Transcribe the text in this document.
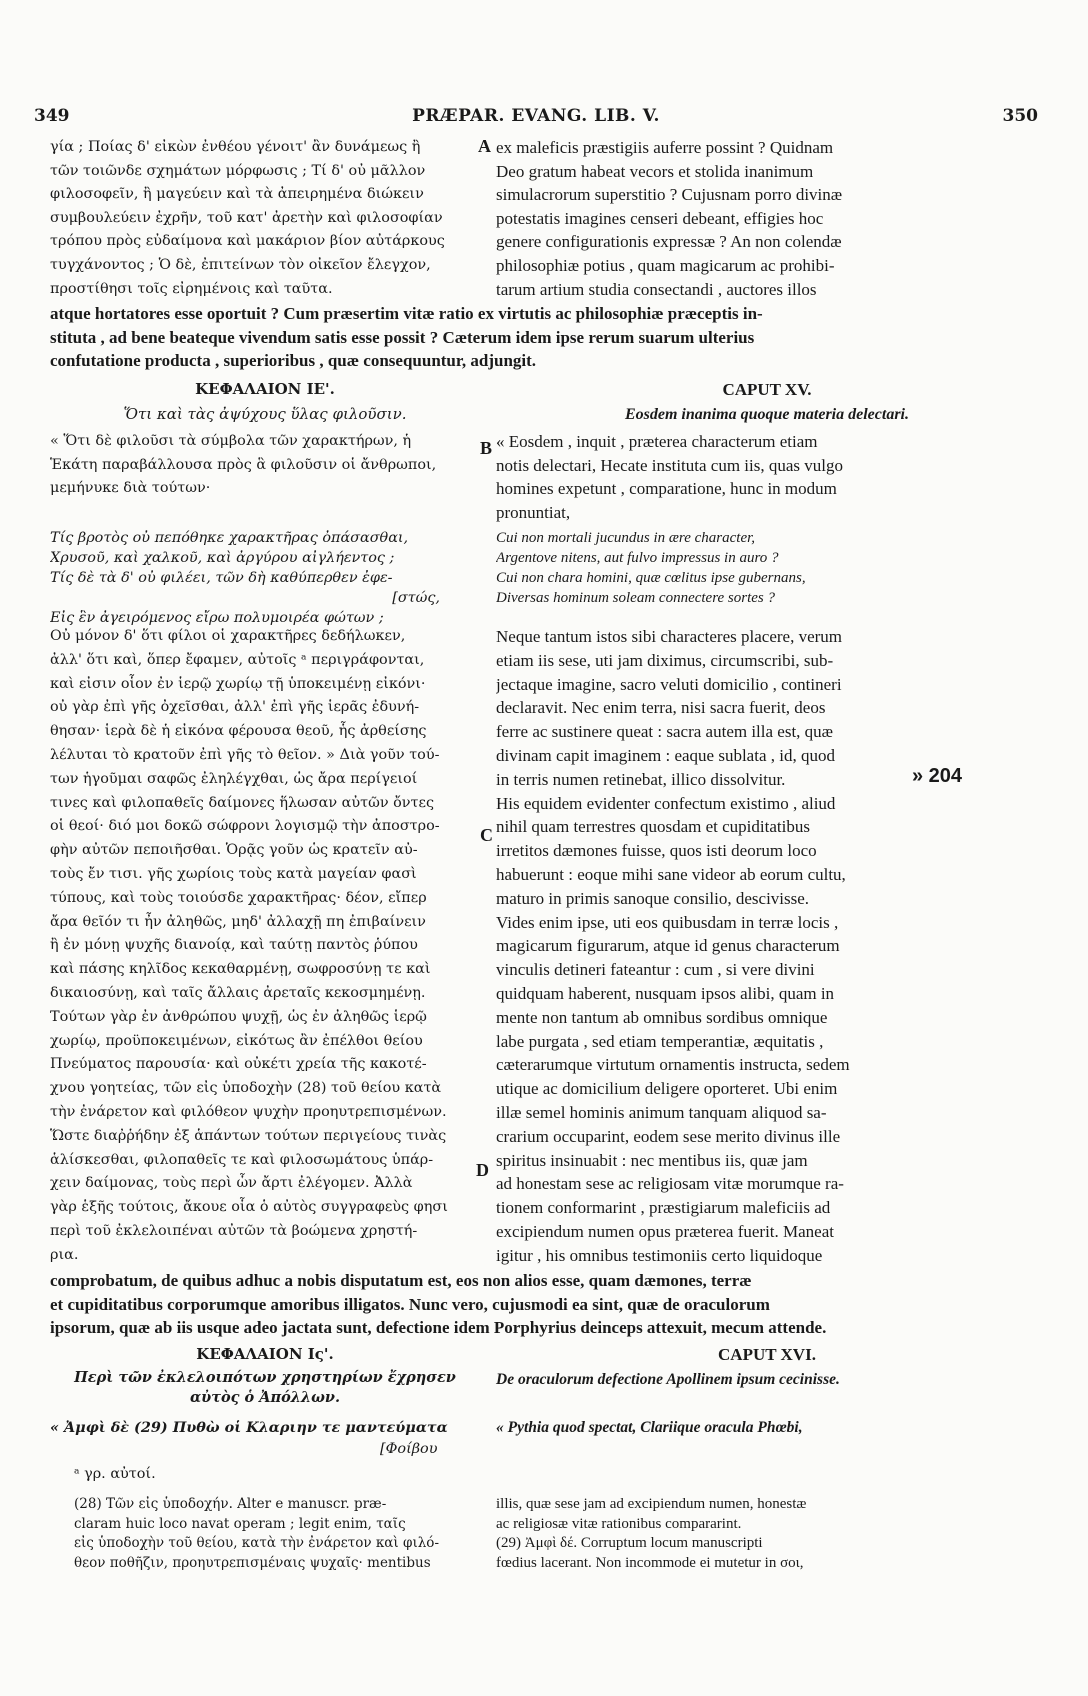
349	PRÆPAR. EVANG. LIB. V.	350
γία ; Ποίας δ' εἰκὼν ἐνθέου γένοιτ' ἂν δυνάμεως ἢ
τῶν τοιῶνδε σχημάτων μόρφωσις ; Τί δ' οὐ μᾶλλον
φιλοσοφεῖν, ἢ μαγεύειν καὶ τὰ ἀπειρημένα διώκειν
συμβουλεύειν ἐχρῆν, τοῦ κατ' ἀρετὴν καὶ φιλοσοφίαν
τρόπου πρὸς εὐδαίμονα καὶ μακάριον βίον αὐτάρκους
τυγχάνοντος ; Ὁ δὲ, ἐπιτείνων τὸν οἰκεῖον ἔλεγχον,
προστίθησι τοῖς εἰρημένοις καὶ ταῦτα.
A ex maleficis præstigiis auferre possint ? Quidnam
Deo gratum habeat vecors et stolida inanimum
simulacrorum superstitio ? Cujusnam porro divinæ
potestatis imagines censeri debeant, effigies hoc
genere configurationis expressæ ? An non colendæ
philosophiæ potius , quam magicarum ac prohibi-
tarum artium studia consectandi , auctores illos
atque hortatores esse oportuit ? Cum præsertim vitæ ratio ex virtutis ac philosophiæ præceptis in-
stituta , ad bene beateque vivendum satis esse possit ? Cæterum idem ipse rerum suarum ulterius
confutatione producta , superioribus , quæ consequuntur, adjungit.
ΚΕΦΑΛΑΙΟΝ ΙΕ'.	CAPUT XV.
Ὅτι καὶ τὰς ἀψύχους ὕλας φιλοῦσιν.	Eosdem inanima quoque materia delectari.
« Ὅτι δὲ φιλοῦσι τὰ σύμβολα τῶν χαρακτήρων, ἡ
Ἑκάτη παραβάλλουσα πρὸς ἃ φιλοῦσιν οἱ ἄνθρωποι,
μεμήνυκε διὰ τούτων·
B « Eosdem , inquit , præterea characterum etiam
notis delectari, Hecate instituta cum iis, quas vulgo
homines expetunt , comparatione, hunc in modum
pronuntiat,
Τίς βροτὸς οὐ πεπόθηκε χαρακτῆρας ὀπάσασθαι,
Χρυσοῦ, καὶ χαλκοῦ, καὶ ἀργύρου αἰγλήεντος ;
Τίς δὲ τὰ δ' οὐ φιλέει, τῶν δὴ καθύπερθεν ἐφε-
[στώς,
Εἰς ἓν ἀγειρόμενος εἴρω πολυμοιρέα φώτων ;
Cui non mortali jucundus in ære character,
Argentove nitens, aut fulvo impressus in auro ?
Cui non chara homini, quæ cœlitus ipse gubernans,
Diversas hominum soleam connectere sortes ?
Οὐ μόνον δ' ὅτι φίλοι οἱ χαρακτῆρες δεδήλωκεν,
ἀλλ' ὅτι καὶ, ὅπερ ἔφαμεν, αὐτοῖς ᵃ περιγράφονται,
καὶ εἰσιν οἷον ἐν ἱερῷ χωρίῳ τῇ ὑποκειμένῃ εἰκόνι·
οὐ γὰρ ἐπὶ γῆς ὀχεῖσθαι, ἀλλ' ἐπὶ γῆς ἱερᾶς ἐδυνή-
θησαν· ἱερὰ δὲ ἡ εἰκόνα φέρουσα θεοῦ, ἧς ἀρθείσης
λέλυται τὸ κρατοῦν ἐπὶ γῆς τὸ θεῖον. » Διὰ γοῦν τού-
των ἡγοῦμαι σαφῶς ἐληλέγχθαι, ὡς ἄρα περίγειοί
τινες καὶ φιλοπαθεῖς δαίμονες ἥλωσαν αὐτῶν ὄντες
οἱ θεοί· διό μοι δοκῶ σώφρονι λογισμῷ τὴν ἀποστρο-
φὴν αὐτῶν πεποιῆσθαι. Ὁρᾷς γοῦν ὡς κρατεῖν αὐ-
τοὺς ἔν τισι. γῆς χωρίοις τοὺς κατὰ μαγείαν φασὶ
τύπους, καὶ τοὺς τοιούσδε χαρακτῆρας· δέον, εἴπερ
ἄρα θεῖόν τι ἦν ἀληθῶς, μηδ' ἀλλαχῇ πη ἐπιβαίνειν
ἢ ἐν μόνῃ ψυχῆς διανοίᾳ, καὶ ταύτῃ παντὸς ῥύπου
καὶ πάσης κηλῖδος κεκαθαρμένῃ, σωφροσύνῃ τε καὶ
δικαιοσύνῃ, καὶ ταῖς ἄλλαις ἀρεταῖς κεκοσμημένῃ.
Τούτων γὰρ ἐν ἀνθρώπου ψυχῇ, ὡς ἐν ἀληθῶς ἱερῷ
χωρίῳ, προϋποκειμένων, εἰκότως ἂν ἐπέλθοι θείου
Πνεύματος παρουσία· καὶ οὐκέτι χρεία τῆς κακοτέ-
χνου γοητείας, τῶν εἰς ὑποδοχὴν (28) τοῦ θείου κατὰ
τὴν ἐνάρετον καὶ φιλόθεον ψυχὴν προηυτρεπισμένων.
Ὥστε διαῤῥήδην ἐξ ἁπάντων τούτων περιγείους τινὰς
ἁλίσκεσθαι, φιλοπαθεῖς τε καὶ φιλοσωμάτους ὑπάρ-
χειν δαίμονας, τοὺς περὶ ὧν ἄρτι ἐλέγομεν. Ἀλλὰ
γὰρ ἑξῆς τούτοις, ἄκουε οἷα ὁ αὐτὸς συγγραφεὺς φησι
περὶ τοῦ ἐκλελοιπέναι αὐτῶν τὰ βοώμενα χρηστή-
ρια.
C
D
Neque tantum istos sibi characteres placere, verum
etiam iis sese, uti jam diximus, circumscribi, sub-
jectaque imagine, sacro veluti domicilio , contineri
declaravit. Nec enim terra, nisi sacra fuerit, deos
ferre ac sustinere queat : sacra autem illa est, quæ
divinam capit imaginem : eaque sublata , id, quod
in terris numen retinebat, illico dissolvitur.
His equidem evidenter confectum existimo , aliud
nihil quam terrestres quosdam et cupiditatibus
irretitos dæmones fuisse, quos isti deorum loco
habuerunt : eoque mihi sane videor ab eorum cultu,
maturo in primis sanoque consilio, descivisse.
Vides enim ipse, uti eos quibusdam in terræ locis ,
magicarum figurarum, atque id genus characterum
vinculis detineri fateantur : cum , si vere divini
quidquam haberent, nusquam ipsos alibi, quam in
mente non tantum ab omnibus sordibus omnique
labe purgata , sed etiam temperantiæ, æquitatis ,
cæterarumque virtutum ornamentis instructa, sedem
utique ac domicilium deligere oporteret. Ubi enim
illæ semel hominis animum tanquam aliquod sa-
crarium occuparint, eodem sese merito divinus ille
spiritus insinuabit : nec mentibus iis, quæ jam
ad honestam sese ac religiosam vitæ morumque ra-
tionem conformarint , præstigiarum maleficiis ad
excipiendum numen opus præterea fuerit. Maneat
igitur , his omnibus testimoniis certo liquidoque
» 204
comprobatum, de quibus adhuc a nobis disputatum est, eos non alios esse, quam dæmones, terræ
et cupiditatibus corporumque amoribus illigatos. Nunc vero, cujusmodi ea sint, quæ de oraculorum
ipsorum, quæ ab iis usque adeo jactata sunt, defectione idem Porphyrius deinceps attexuit, mecum attende.
ΚΕΦΑΛΑΙΟΝ Ις'.	CAPUT XVI.
Περὶ τῶν ἐκλελοιπότων χρηστηρίων ἔχρησεν	De oraculorum defectione Apollinem ipsum cecinisse.
αὐτὸς ὁ Ἀπόλλων.
« Ἀμφὶ δὲ (29) Πυθὼ οἱ Κλαριην τε μαντεύματα	« Pythia quod spectat, Clariique oracula Phœbi,
[Φοίβου
ᵃ γρ. αὐτοί.
(28) Τῶν εἰς ὑποδοχήν. Alter e manuscr. præ-
claram huic loco navat operam ; legit enim, ταῖς
εἰς ὑποδοχὴν τοῦ θείου, κατὰ τὴν ἐνάρετον καὶ φιλό-
θεον ποθῆζιν, προηυτρεπισμέναις ψυχαῖς· mentibus
illis, quæ sese jam ad excipiendum numen, honestæ
ac religiosæ vitæ rationibus compararint.
(29) Ἀμφὶ δέ. Corruptum locum manuscripti
fœdius lacerant. Non incommode ei mutetur in σοι,
